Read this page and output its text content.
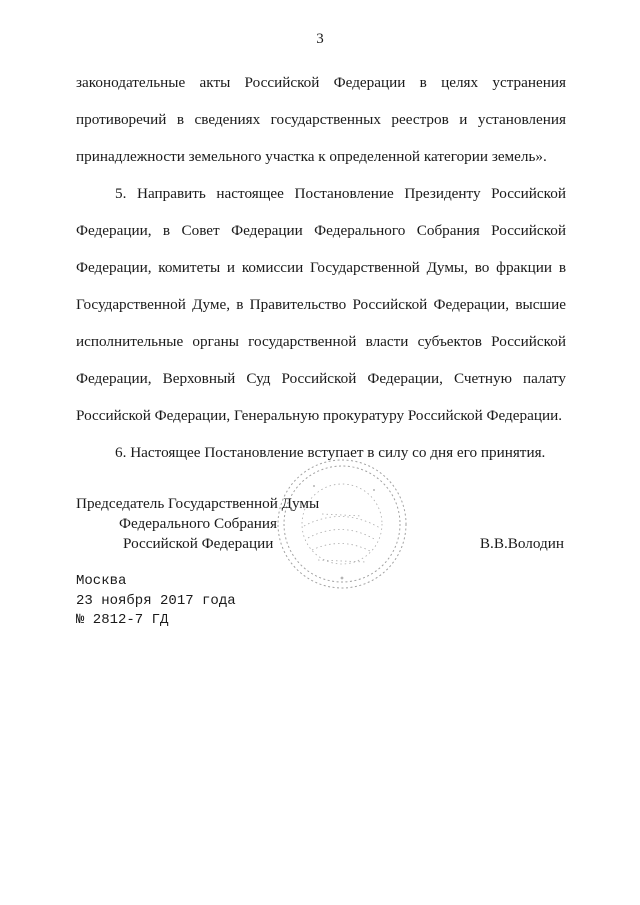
3

законодательные акты Российской Федерации в целях устранения противоречий в сведениях государственных реестров и установления принадлежности земельного участка к определенной категории земель».

5. Направить настоящее Постановление Президенту Российской Федерации, в Совет Федерации Федерального Собрания Российской Федерации, комитеты и комиссии Государственной Думы, во фракции в Государственной Думе, в Правительство Российской Федерации, высшие исполнительные органы государственной власти субъектов Российской Федерации, Верховный Суд Российской Федерации, Счетную палату Российской Федерации, Генеральную прокуратуру Российской Федерации.

6. Настоящее Постановление вступает в силу со дня его принятия.

Председатель Государственной Думы
Федерального Собрания
Российской Федерации	В.В.Володин
Москва
23 ноября 2017 года
№ 2812-7 ГД
